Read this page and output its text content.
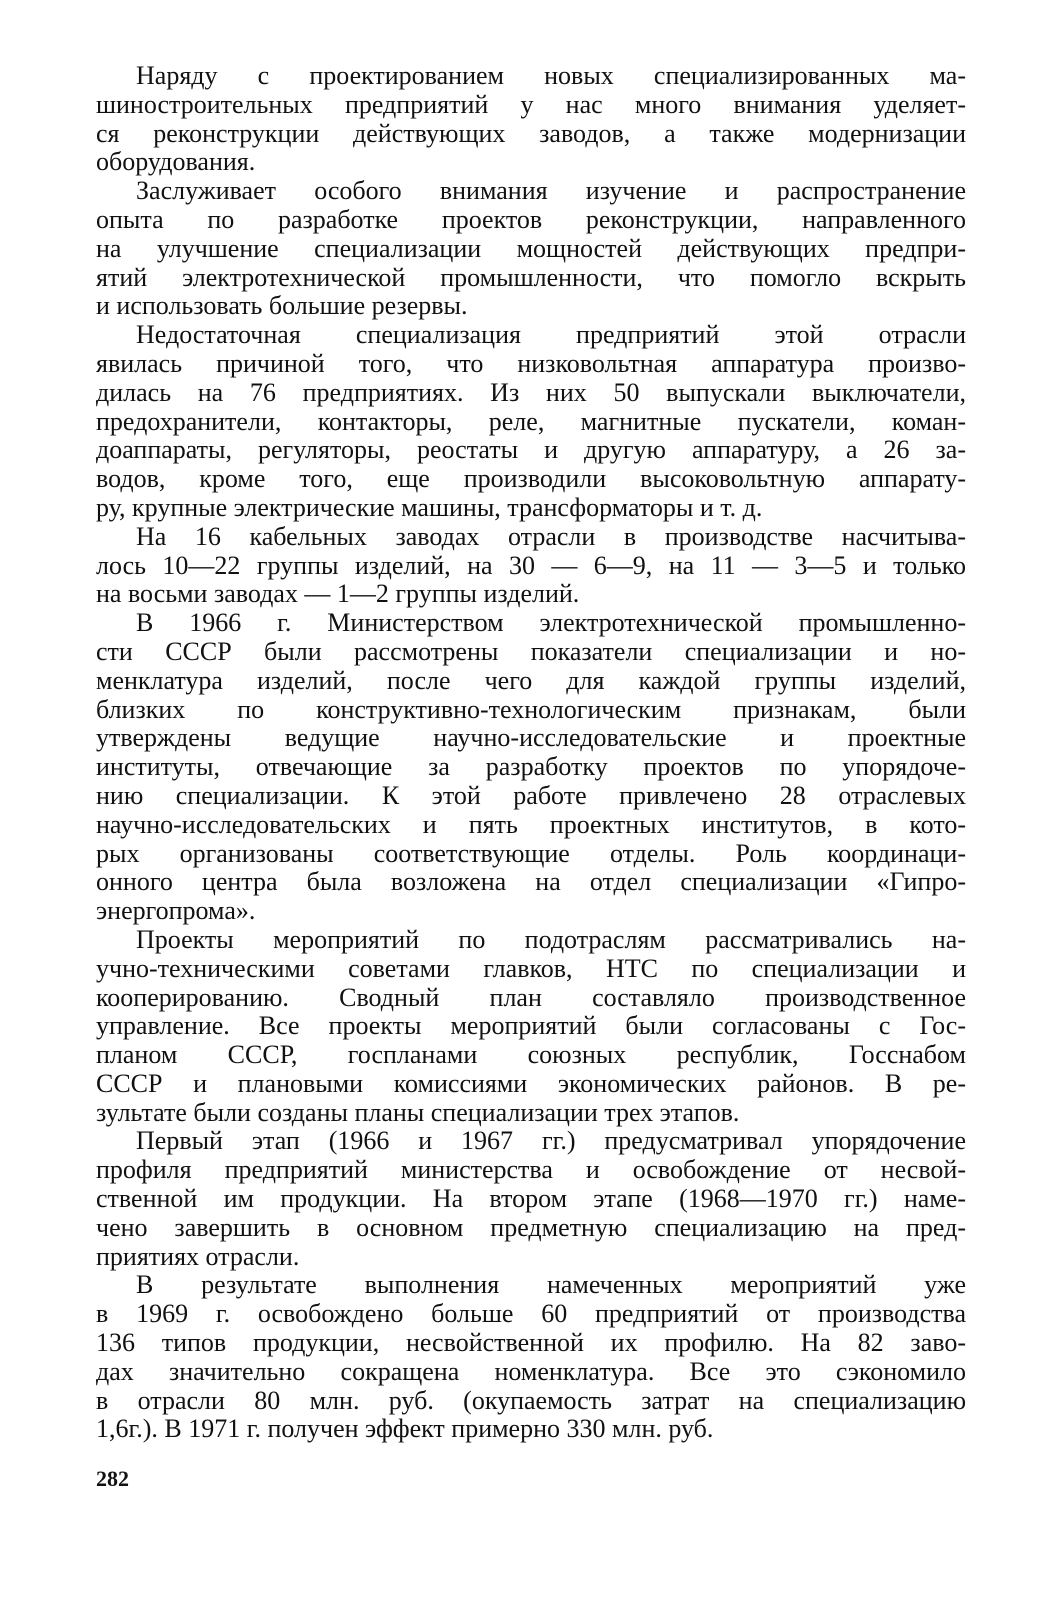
Наряду с проектированием новых специализированных ма-
шиностроительных предприятий у нас много внимания уделяет-
ся реконструкции действующих заводов, а также модернизации
оборудования.
Заслуживает особого внимания изучение и распространение
опыта по разработке проектов реконструкции, направленного
на улучшение специализации мощностей действующих предпри-
ятий электротехнической промышленности, что помогло вскрыть
и использовать большие резервы.
Недостаточная специализация предприятий этой отрасли
явилась причиной того, что низковольтная аппаратура произво-
дилась на 76 предприятиях. Из них 50 выпускали выключатели,
предохранители, контакторы, реле, магнитные пускатели, коман-
доаппараты, регуляторы, реостаты и другую аппаратуру, а 26 за-
водов, кроме того, еще производили высоковольтную аппарату-
ру, крупные электрические машины, трансформаторы и т. д.
На 16 кабельных заводах отрасли в производстве насчитыва-
лось 10—22 группы изделий, на 30 — 6—9, на 11 — 3—5 и только
на восьми заводах — 1—2 группы изделий.
В 1966 г. Министерством электротехнической промышленно-
сти СССР были рассмотрены показатели специализации и но-
менклатура изделий, после чего для каждой группы изделий,
близких по конструктивно-технологическим признакам, были
утверждены ведущие научно-исследовательские и проектные
институты, отвечающие за разработку проектов по упорядоче-
нию специализации. К этой работе привлечено 28 отраслевых
научно-исследовательских и пять проектных институтов, в кото-
рых организованы соответствующие отделы. Роль координаци-
онного центра была возложена на отдел специализации «Гипро-
энергопрома».
Проекты мероприятий по подотраслям рассматривались на-
учно-техническими советами главков, НТС по специализации и
кооперированию. Сводный план составляло производственное
управление. Все проекты мероприятий были согласованы с Гос-
планом СССР, госпланами союзных республик, Госснабом
СССР и плановыми комиссиями экономических районов. В ре-
зультате были созданы планы специализации трех этапов.
Первый этап (1966 и 1967 гг.) предусматривал упорядочение
профиля предприятий министерства и освобождение от несвой-
ственной им продукции. На втором этапе (1968—1970 гг.) наме-
чено завершить в основном предметную специализацию на пред-
приятиях отрасли.
В результате выполнения намеченных мероприятий уже
в 1969 г. освобождено больше 60 предприятий от производства
136 типов продукции, несвойственной их профилю. На 82 заво-
дах значительно сокращена номенклатура. Все это сэкономило
в отрасли 80 млн. руб. (окупаемость затрат на специализацию
1,6г.). В 1971 г. получен эффект примерно 330 млн. руб.
282
